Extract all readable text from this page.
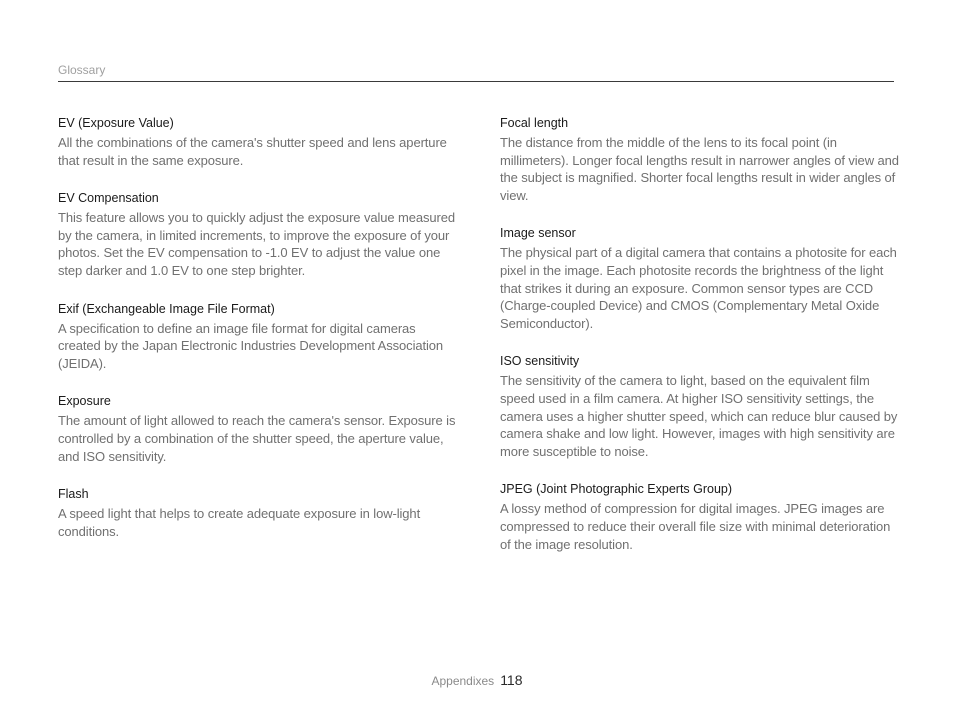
Glossary

EV (Exposure Value)

All the combinations of the camera's shutter speed and lens aperture that result in the same exposure.

EV Compensation

This feature allows you to quickly adjust the exposure value measured by the camera, in limited increments, to improve the exposure of your photos. Set the EV compensation to -1.0 EV to adjust the value one step darker and 1.0 EV to one step brighter.

Exif (Exchangeable Image File Format)

A specification to define an image file format for digital cameras created by the Japan Electronic Industries Development Association (JEIDA).

Exposure

The amount of light allowed to reach the camera's sensor. Exposure is controlled by a combination of the shutter speed, the aperture value, and ISO sensitivity.

Flash

A speed light that helps to create adequate exposure in low-light conditions.

Focal length

The distance from the middle of the lens to its focal point (in millimeters). Longer focal lengths result in narrower angles of view and the subject is magnified. Shorter focal lengths result in wider angles of view.

Image sensor

The physical part of a digital camera that contains a photosite for each pixel in the image. Each photosite records the brightness of the light that strikes it during an exposure. Common sensor types are CCD (Charge-coupled Device) and CMOS (Complementary Metal Oxide Semiconductor).

ISO sensitivity

The sensitivity of the camera to light, based on the equivalent film speed used in a film camera. At higher ISO sensitivity settings, the camera uses a higher shutter speed, which can reduce blur caused by camera shake and low light. However, images with high sensitivity are more susceptible to noise.

JPEG (Joint Photographic Experts Group)

A lossy method of compression for digital images. JPEG images are compressed to reduce their overall file size with minimal deterioration of the image resolution.

Appendixes 118
